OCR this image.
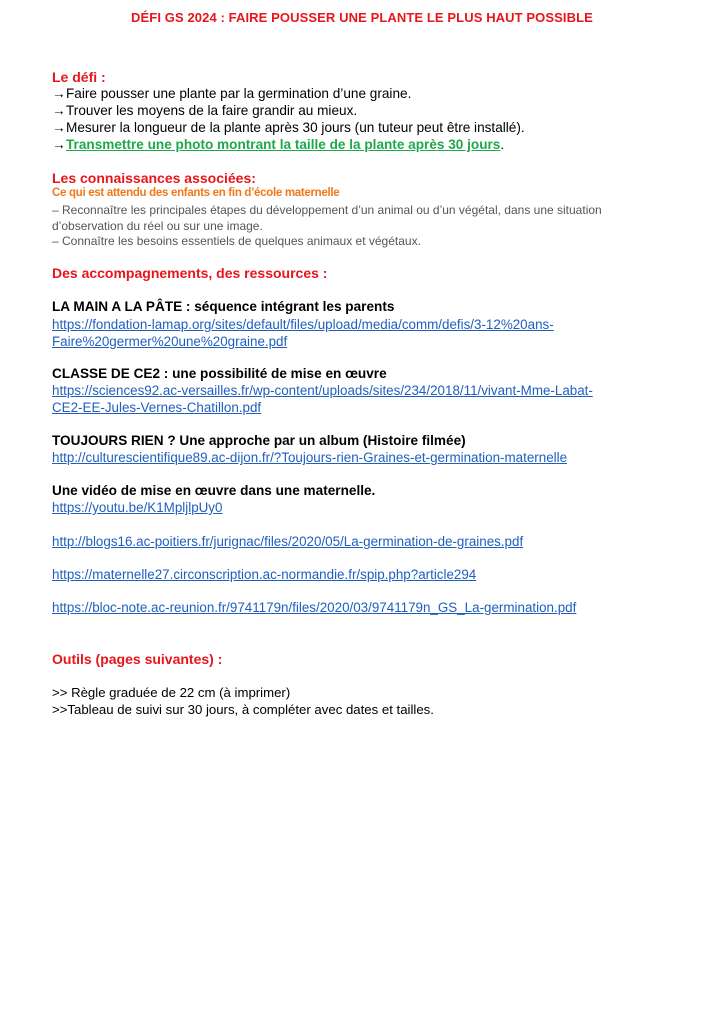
DÉFI GS 2024 : FAIRE POUSSER UNE PLANTE LE PLUS HAUT POSSIBLE
Le défi :
→Faire pousser une plante par la germination d’une graine.
→Trouver les moyens de la faire grandir au mieux.
→Mesurer la longueur de la plante après 30 jours (un tuteur peut être installé).
→Transmettre une photo montrant la taille de la plante après 30 jours.
Les connaissances associées:
Ce qui est attendu des enfants en fin d’école maternelle
– Reconnaître les principales étapes du développement d’un animal ou d’un végétal, dans une situation
d’observation du réel ou sur une image.
– Connaître les besoins essentiels de quelques animaux et végétaux.
Des accompagnements, des ressources :
LA MAIN A LA PÂTE : séquence intégrant les parents
https://fondation-lamap.org/sites/default/files/upload/media/comm/defis/3-12%20ans-
Faire%20germer%20une%20graine.pdf
CLASSE DE CE2 : une possibilité de mise en œuvre
https://sciences92.ac-versailles.fr/wp-content/uploads/sites/234/2018/11/vivant-Mme-Labat-
CE2-EE-Jules-Vernes-Chatillon.pdf
TOUJOURS RIEN ? Une approche par un album (Histoire filmée)
http://culturescientifique89.ac-dijon.fr/?Toujours-rien-Graines-et-germination-maternelle
Une vidéo de mise en œuvre dans une maternelle.
https://youtu.be/K1MpljlpUy0
http://blogs16.ac-poitiers.fr/jurignac/files/2020/05/La-germination-de-graines.pdf
https://maternelle27.circonscription.ac-normandie.fr/spip.php?article294
https://bloc-note.ac-reunion.fr/9741179n/files/2020/03/9741179n_GS_La-germination.pdf
Outils (pages suivantes) :
>> Règle graduée de 22 cm (à imprimer)
>>Tableau de suivi sur 30 jours, à compléter avec dates et tailles.
